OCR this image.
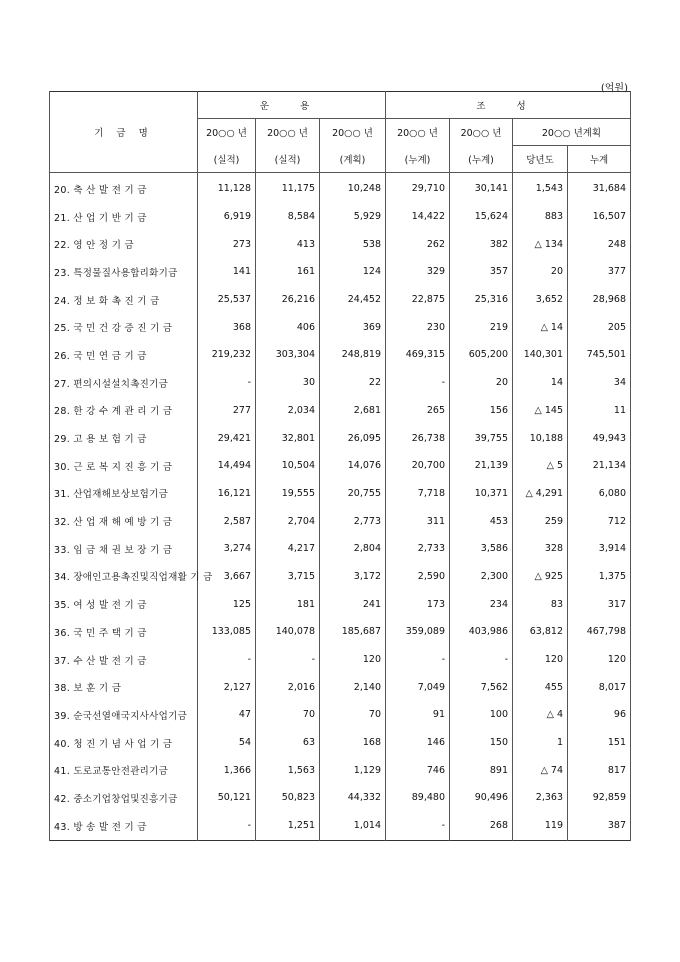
(억원)
기 금 명	운 용			조 성			
	20○○ 년	20○○ 년	20○○ 년	20○○ 년	20○○ 년	20○○ 년계획	
	(실적)	(실적)	(계획)	(누계)	(누계)	당년도	누계
20. 축 산 발 전 기 금	11,128	11,175	10,248	29,710	30,141	1,543	31,684
21. 산 업 기 반 기 금	6,919	8,584	5,929	14,422	15,624	883	16,507
22. 영 안 정 기 금	273	413	538	262	382	△ 134	248
23. 특정물질사용합리화기금	141	161	124	329	357	20	377
24. 정 보 화 촉 진 기 금	25,537	26,216	24,452	22,875	25,316	3,652	28,968
25. 국 민 건 강 증 진 기 금	368	406	369	230	219	△ 14	205
26. 국 민 연 금 기 금	219,232	303,304	248,819	469,315	605,200	140,301	745,501
27. 편의시설설치촉진기금	-	30	22	-	20	14	34
28. 한 강 수 계 관 리 기 금	277	2,034	2,681	265	156	△ 145	11
29. 고 용 보 험 기 금	29,421	32,801	26,095	26,738	39,755	10,188	49,943
30. 근 로 복 지 진 흥 기 금	14,494	10,504	14,076	20,700	21,139	△ 5	21,134
31. 산업재해보상보험기금	16,121	19,555	20,755	7,718	10,371	△ 4,291	6,080
32. 산 업 재 해 예 방 기 금	2,587	2,704	2,773	311	453	259	712
33. 임 금 채 권 보 장 기 금	3,274	4,217	2,804	2,733	3,586	328	3,914
34. 장애인고용촉진및직업재활 기 금	3,667	3,715	3,172	2,590	2,300	△ 925	1,375
35. 여 성 발 전 기 금	125	181	241	173	234	83	317
36. 국 민 주 택 기 금	133,085	140,078	185,687	359,089	403,986	63,812	467,798
37. 수 산 발 전 기 금	-	-	120	-	-	120	120
38. 보 훈 기 금	2,127	2,016	2,140	7,049	7,562	455	8,017
39. 순국선열애국지사사업기금	47	70	70	91	100	△ 4	96
40. 청 진 기 념 사 업 기 금	54	63	168	146	150	1	151
41. 도로교통안전관리기금	1,366	1,563	1,129	746	891	△ 74	817
42. 중소기업창업및진흥기금	50,121	50,823	44,332	89,480	90,496	2,363	92,859
43. 방 송 발 전 기 금	-	1,251	1,014	-	268	119	387
